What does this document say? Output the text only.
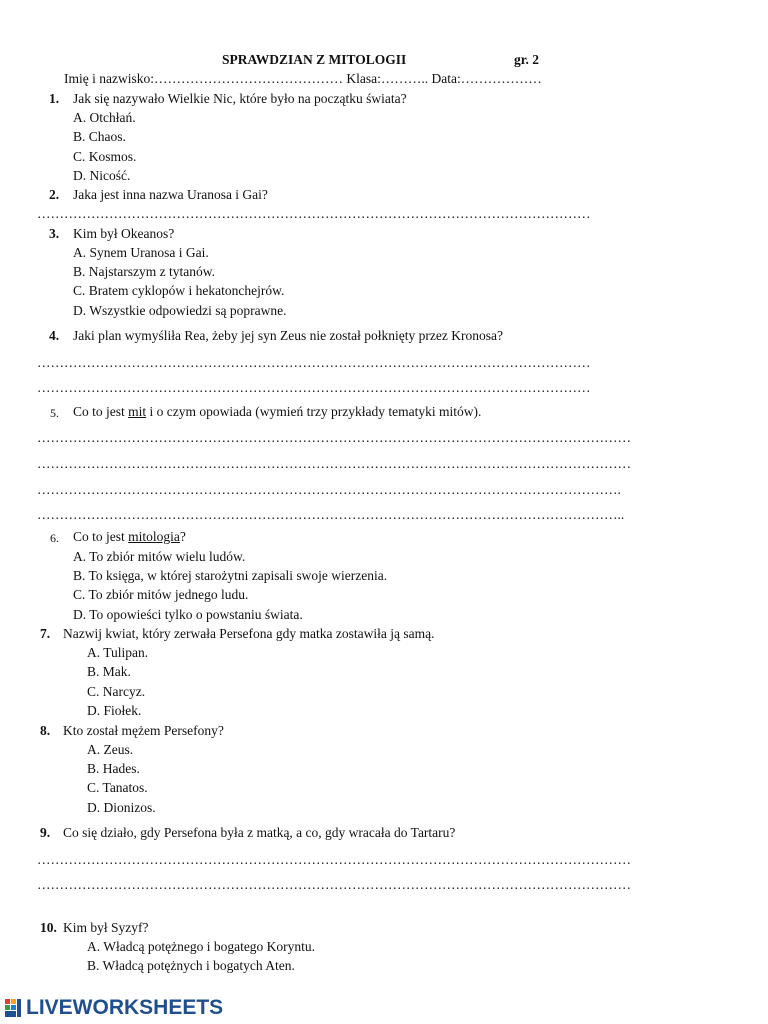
SPRAWDZIAN Z MITOLOGII	gr. 2
Imię i nazwisko:…………………………………… Klasa:……….. Data:………………
1. Jak się nazywało Wielkie Nic, które było na początku świata?
A. Otchłań.
B. Chaos.
C. Kosmos.
D. Nicość.
2. Jaka jest inna nazwa Uranosa i Gai?
……………………………………………………………………………………………………………
3. Kim był Okeanos?
A. Synem Uranosa i Gai.
B. Najstarszym z tytanów.
C. Bratem cyklopów i hekatonchejrów.
D. Wszystkie odpowiedzi są poprawne.
4. Jaki plan wymyśliła Rea, żeby jej syn Zeus nie został połknięty przez Kronosa?
……………………………………………………………………………………………………………
……………………………………………………………………………………………………………
5. Co to jest mit i o czym opowiada (wymień trzy przykłady tematyki mitów).
……………………………………………………………………………………………………………………
……………………………………………………………………………………………………………………
………………………………………………………………………………………………………………….
…………………………………………………………………………………………………………………..
6. Co to jest mitologia?
A. To zbiór mitów wielu ludów.
B. To księga, w której starożytni zapisali swoje wierzenia.
C. To zbiór mitów jednego ludu.
D. To opowieści tylko o powstaniu świata.
7. Nazwij kwiat, który zerwała Persefona gdy matka zostawiła ją samą.
A. Tulipan.
B. Mak.
C. Narcyz.
D. Fiołek.
8. Kto został mężem Persefony?
A. Zeus.
B. Hades.
C. Tanatos.
D. Dionizos.
9. Co się działo, gdy Persefona była z matką, a co, gdy wracała do Tartaru?
……………………………………………………………………………………………………………………
……………………………………………………………………………………………………………………
10. Kim był Syzyf?
A. Władcą potężnego i bogatego Koryntu.
B. Władcą potężnych i bogatych Aten.
LIVEWORKSHEETS
